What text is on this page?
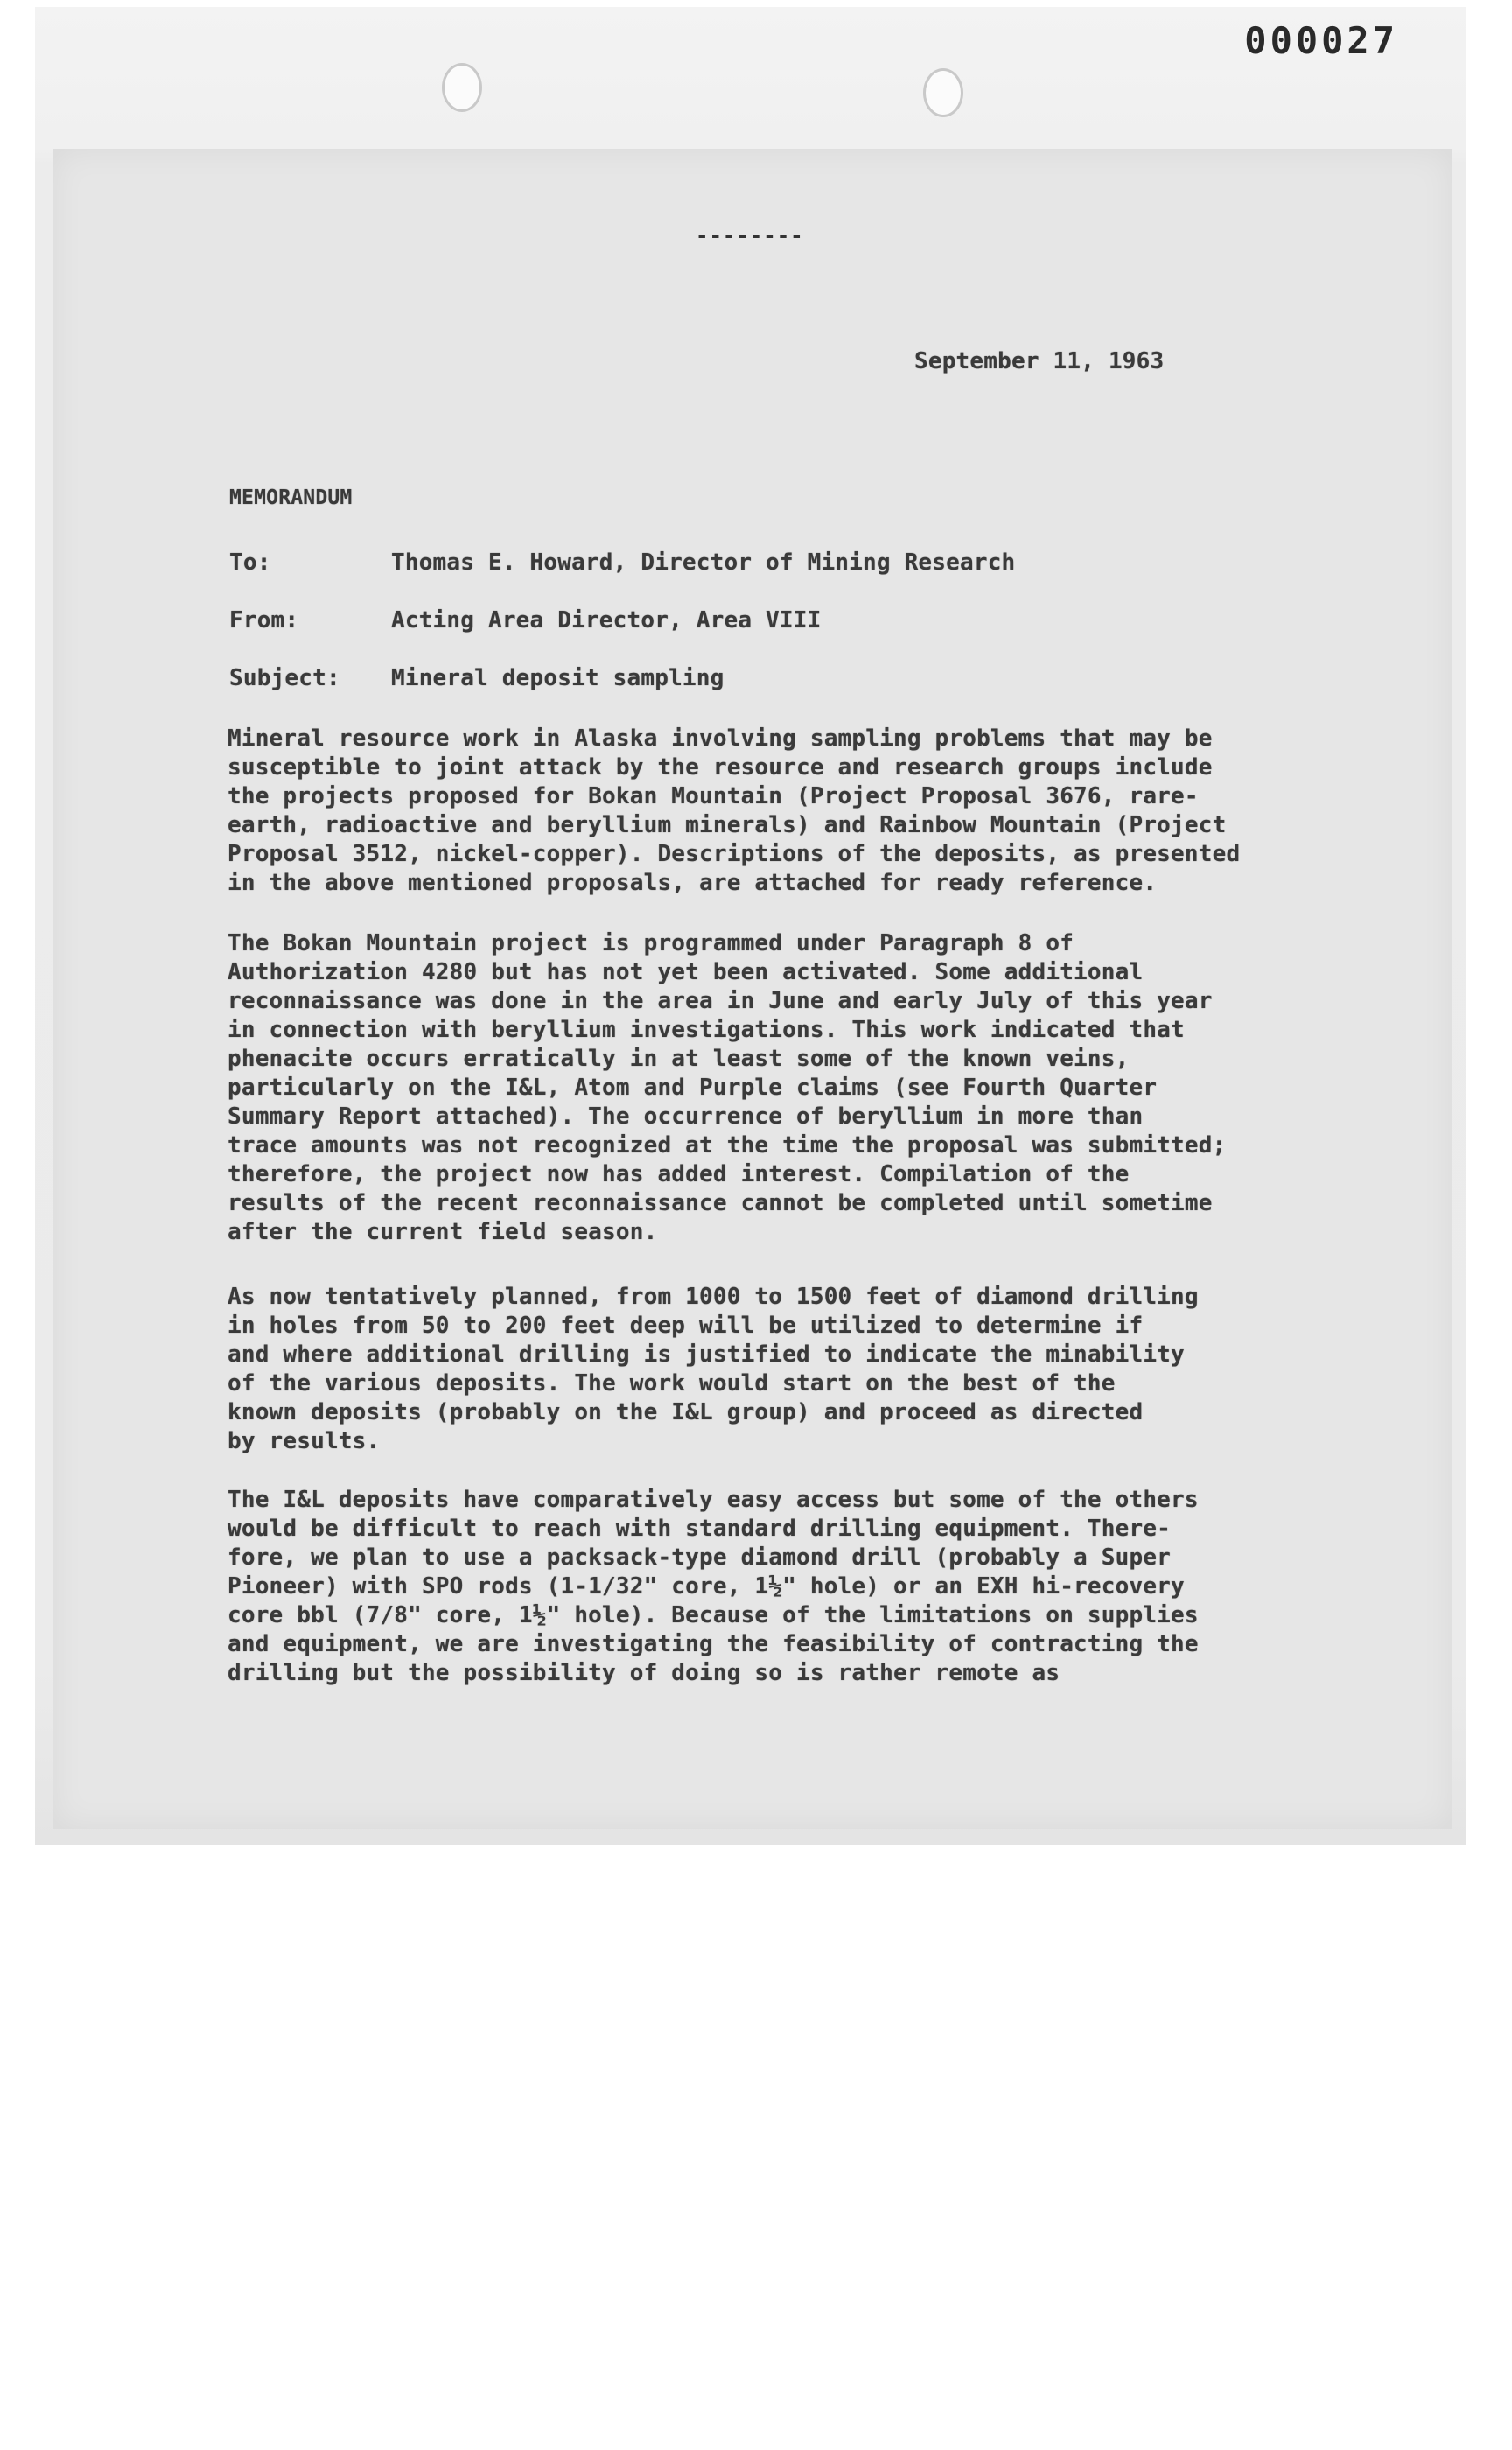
000027
--------
September 11, 1963
MEMORANDUM
To:	Thomas E. Howard, Director of Mining Research
From:	Acting Area Director, Area VIII
Subject:	Mineral deposit sampling

Mineral resource work in Alaska involving sampling problems that may be
susceptible to joint attack by the resource and research groups include
the projects proposed for Bokan Mountain (Project Proposal 3676, rare-
earth, radioactive and beryllium minerals) and Rainbow Mountain (Project
Proposal 3512, nickel-copper). Descriptions of the deposits, as presented
in the above mentioned proposals, are attached for ready reference.

The Bokan Mountain project is programmed under Paragraph 8 of
Authorization 4280 but has not yet been activated. Some additional
reconnaissance was done in the area in June and early July of this year
in connection with beryllium investigations. This work indicated that
phenacite occurs erratically in at least some of the known veins,
particularly on the I&L, Atom and Purple claims (see Fourth Quarter
Summary Report attached). The occurrence of beryllium in more than
trace amounts was not recognized at the time the proposal was submitted;
therefore, the project now has added interest. Compilation of the
results of the recent reconnaissance cannot be completed until sometime
after the current field season.

As now tentatively planned, from 1000 to 1500 feet of diamond drilling
in holes from 50 to 200 feet deep will be utilized to determine if
and where additional drilling is justified to indicate the minability
of the various deposits. The work would start on the best of the
known deposits (probably on the I&L group) and proceed as directed
by results.

The I&L deposits have comparatively easy access but some of the others
would be difficult to reach with standard drilling equipment. There-
fore, we plan to use a packsack-type diamond drill (probably a Super
Pioneer) with SPO rods (1-1/32" core, 1½" hole) or an EXH hi-recovery
core bbl (7/8" core, 1½" hole). Because of the limitations on supplies
and equipment, we are investigating the feasibility of contracting the
drilling but the possibility of doing so is rather remote as
